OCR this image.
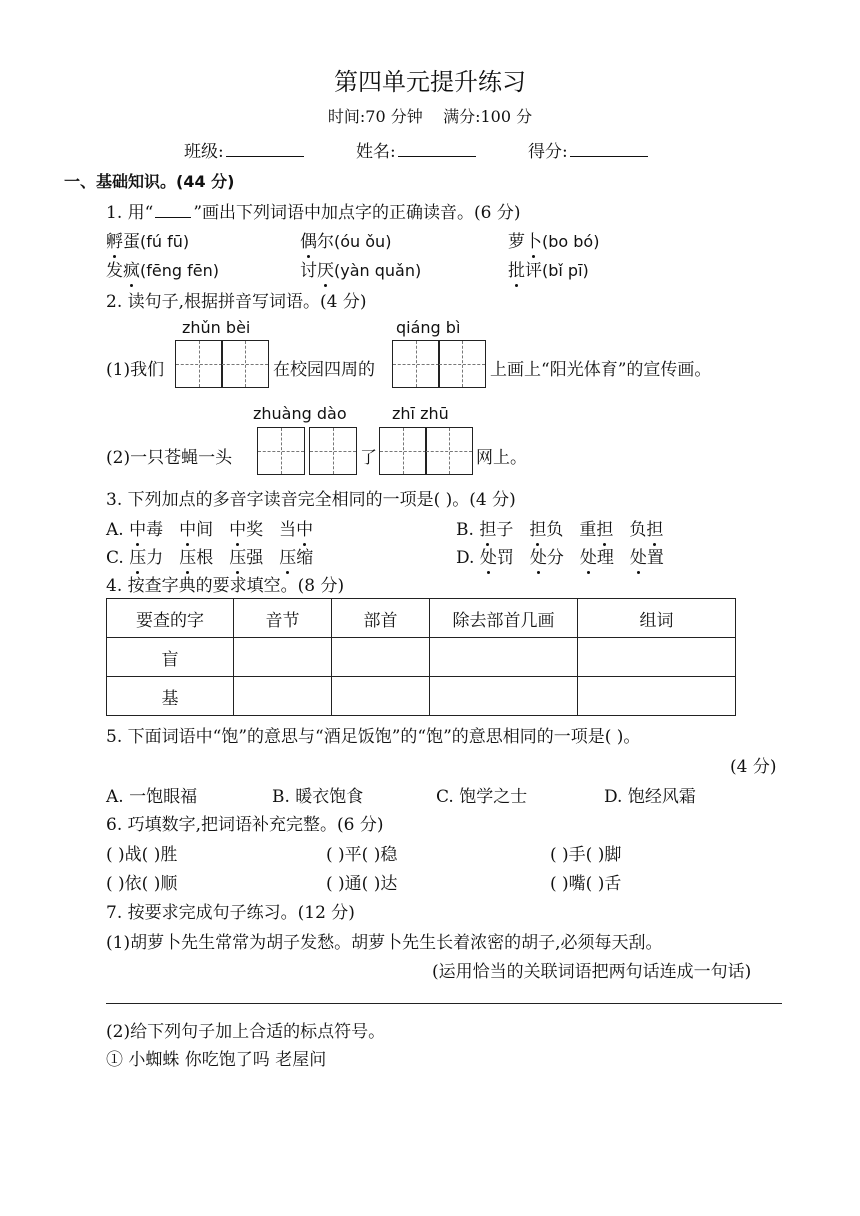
第四单元提升练习
时间:70 分钟 满分:100 分
班级:	姓名:	得分:
一、基础知识。(44 分)
1. 用“ ”画出下列词语中加点字的正确读音。(6 分)
孵蛋(fú fū)	偶尔(óu ǒu)	萝卜(bo bó)
发疯(fēng fēn)	讨厌(yàn quǎn)	批评(bǐ pī)
2. 读句子,根据拼音写词语。(4 分)
zhǔn bèi	qiáng bì
(1)我们	在校园四周的	上画上“阳光体育”的宣传画。
zhuàng dào	zhī zhū
(2)一只苍蝇一头	了	网上。
3. 下列加点的多音字读音完全相同的一项是( )。(4 分)
A. 中毒 中间 中奖 当中	B. 担子 担负 重担 负担
C. 压力 压根 压强 压缩	D. 处罚 处分 处理 处置
4. 按查字典的要求填空。(8 分)
要查的字	音节	部首	除去部首几画	组词
盲				
基				
5. 下面词语中“饱”的意思与“酒足饭饱”的“饱”的意思相同的一项是( )。
(4 分)
A. 一饱眼福	B. 暖衣饱食	C. 饱学之士	D. 饱经风霜
6. 巧填数字,把词语补充完整。(6 分)
( )战( )胜	( )平( )稳	( )手( )脚
( )依( )顺	( )通( )达	( )嘴( )舌
7. 按要求完成句子练习。(12 分)
(1)胡萝卜先生常常为胡子发愁。胡萝卜先生长着浓密的胡子,必须每天刮。
(运用恰当的关联词语把两句话连成一句话)
(2)给下列句子加上合适的标点符号。
① 小蜘蛛 你吃饱了吗 老屋问
